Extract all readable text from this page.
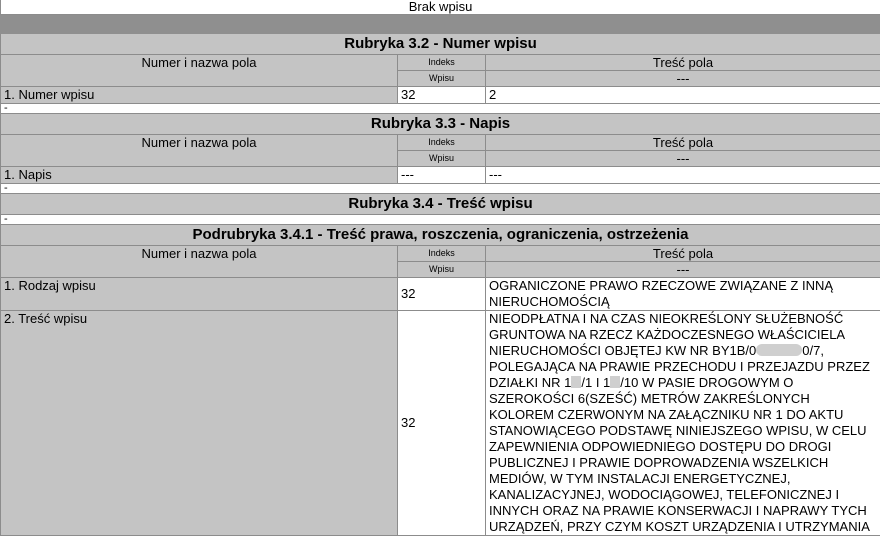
Brak wpisu		

Rubryka 3.2 - Numer wpisu		
Numer i nazwa pola	Indeks	Treść pola
	Wpisu	---
1. Numer wpisu	32	2
-		
Rubryka 3.3 - Napis		
Numer i nazwa pola	Indeks	Treść pola
	Wpisu	---
1. Napis	---	---
-		
Rubryka 3.4 - Treść wpisu		
-		
Podrubryka 3.4.1 - Treść prawa, roszczenia, ograniczenia, ostrzeżenia		
Numer i nazwa pola	Indeks	Treść pola
	Wpisu	---
1. Rodzaj wpisu	32	OGRANICZONE PRAWO RZECZOWE ZWIĄZANE Z INNĄ NIERUCHOMOŚCIĄ
2. Treść wpisu	32	NIEODPŁATNA I NA CZAS NIEOKREŚLONY SŁUŻEBNOŚĆ GRUNTOWA NA RZECZ KAŻDOCZESNEGO WŁAŚCICIELA NIERUCHOMOŚCI OBJĘTEJ KW NR BY1B/0 0/7, POLEGAJĄCA NA PRAWIE PRZECHODU I PRZEJAZDU PRZEZ DZIAŁKI NR 1 /1 I 1 /10 W PASIE DROGOWYM O SZEROKOŚCI 6(SZEŚĆ) METRÓW ZAKREŚLONYCH KOLOREM CZERWONYM NA ZAŁĄCZNIKU NR 1 DO AKTU STANOWIĄCEGO PODSTAWĘ NINIEJSZEGO WPISU, W CELU ZAPEWNIENIA ODPOWIEDNIEGO DOSTĘPU DO DROGI PUBLICZNEJ I PRAWIE DOPROWADZENIA WSZELKICH MEDIÓW, W TYM INSTALACJI ENERGETYCZNEJ, KANALIZACYJNEJ, WODOCIĄGOWEJ, TELEFONICZNEJ I INNYCH ORAZ NA PRAWIE KONSERWACJI I NAPRAWY TYCH URZĄDZEŃ, PRZY CZYM KOSZT URZĄDZENIA I UTRZYMANIA
